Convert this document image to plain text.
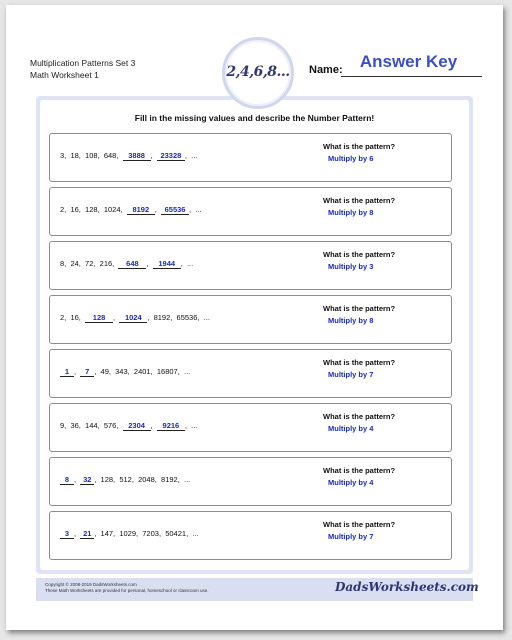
Multiplication Patterns Set 3
Math Worksheet 1	2,4,6,8... Name:	Answer Key
Fill in the missing values and describe the Number Pattern!
3,  18,  108,  648,  3888 ,  23328 ,  ...
What is the pattern?
Multiply by 6
2,  16,  128,  1024,  8192 ,  65536 ,  ...
What is the pattern?
Multiply by 8
8,  24,  72,  216,  648 ,  1944 ,  ...
What is the pattern?
Multiply by 3
2,  16,  128 ,  1024 ,  8192,  65536,  ...
What is the pattern?
Multiply by 8
1 ,  7 ,  49,  343,  2401,  16807,  ...
What is the pattern?
Multiply by 7
9,  36,  144,  576,  2304 ,  9216 ,  ...
What is the pattern?
Multiply by 4
8 ,  32 ,  128,  512,  2048,  8192,  ...
What is the pattern?
Multiply by 4
3 ,  21 ,  147,  1029,  7203,  50421,  ...
What is the pattern?
Multiply by 7
Copyright © 2008-2019 DadsWorksheets.com
These Math Worksheets are provided for personal, homeschool or classroom use.	DadsWorksheets.com
